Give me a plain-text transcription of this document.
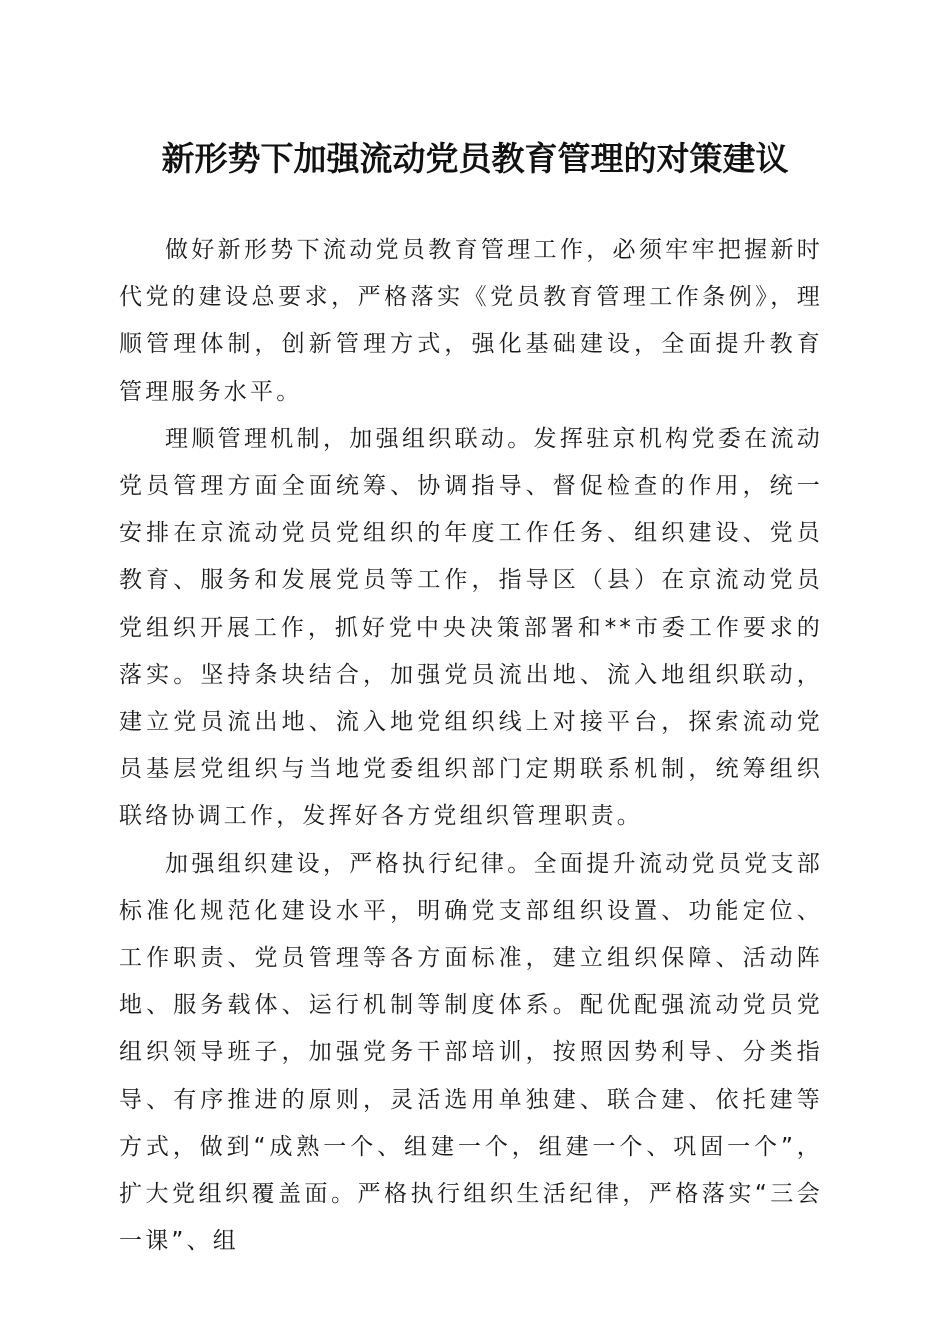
新形势下加强流动党员教育管理的对策建议

做好新形势下流动党员教育管理工作，必须牢牢把握新时代党的建设总要求，严格落实《党员教育管理工作条例》，理顺管理体制，创新管理方式，强化基础建设，全面提升教育管理服务水平。

理顺管理机制，加强组织联动。发挥驻京机构党委在流动党员管理方面全面统筹、协调指导、督促检查的作用，统一安排在京流动党员党组织的年度工作任务、组织建设、党员教育、服务和发展党员等工作，指导区（县）在京流动党员党组织开展工作，抓好党中央决策部署和**市委工作要求的落实。坚持条块结合，加强党员流出地、流入地组织联动，建立党员流出地、流入地党组织线上对接平台，探索流动党员基层党组织与当地党委组织部门定期联系机制，统筹组织联络协调工作，发挥好各方党组织管理职责。

加强组织建设，严格执行纪律。全面提升流动党员党支部标准化规范化建设水平，明确党支部组织设置、功能定位、工作职责、党员管理等各方面标准，建立组织保障、活动阵地、服务载体、运行机制等制度体系。配优配强流动党员党组织领导班子，加强党务干部培训，按照因势利导、分类指导、有序推进的原则，灵活选用单独建、联合建、依托建等方式，做到“成熟一个、组建一个，组建一个、巩固一个”，扩大党组织覆盖面。严格执行组织生活纪律，严格落实“三会一课”、组
